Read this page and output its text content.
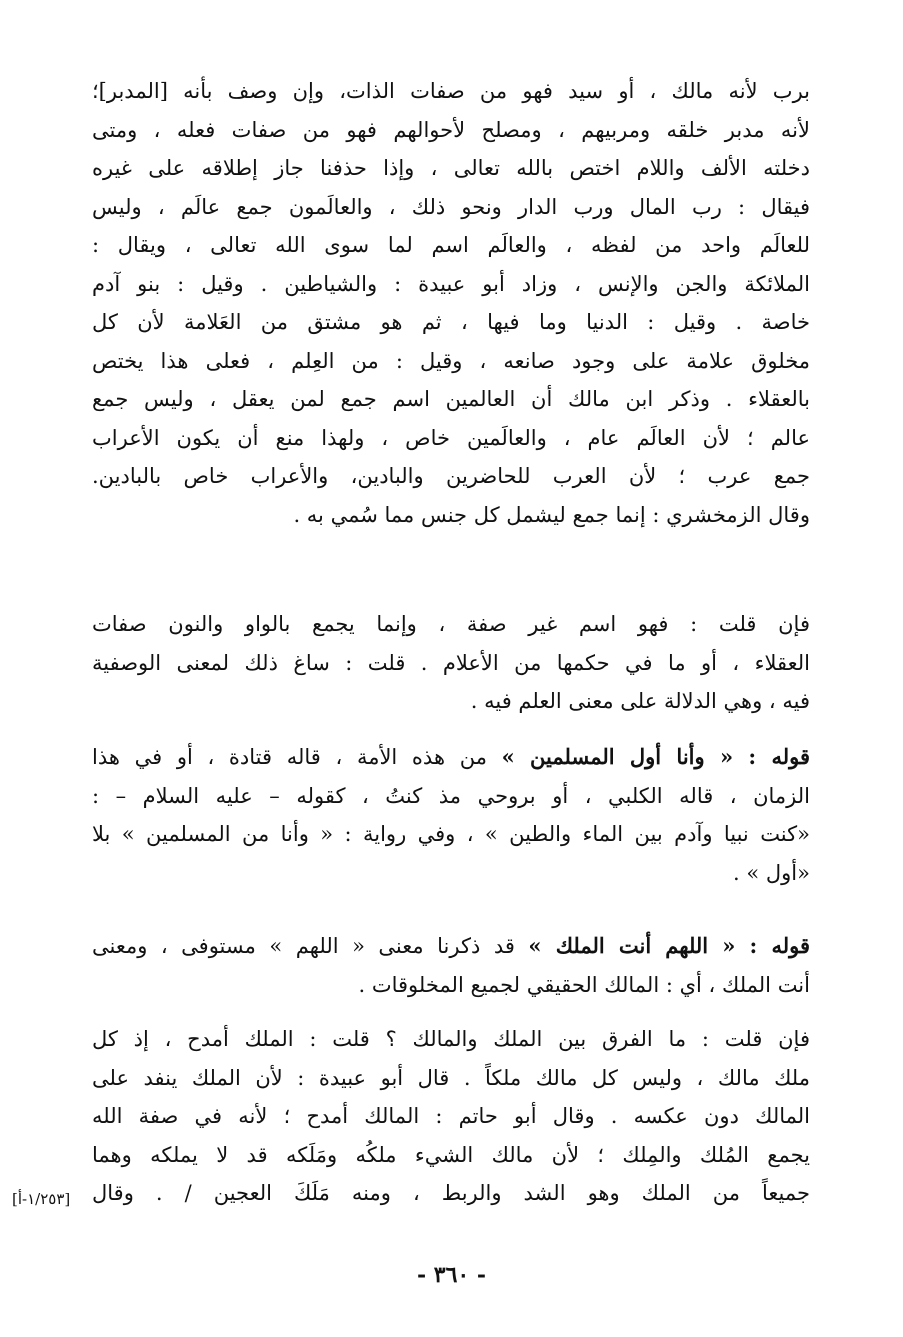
برب لأنه مالك ، أو سيد فهو من صفات الذات، وإن وصف بأنه [المدبر]؛
لأنه مدبر خلقه ومربيهم ، ومصلح لأحوالهم فهو من صفات فعله ، ومتى
دخلته الألف واللام اختص بالله تعالى ، وإذا حذفنا جاز إطلاقه على غيره
فيقال : رب المال ورب الدار ونحو ذلك ، والعالَمون جمع عالَم ، وليس
للعالَم واحد من لفظه ، والعالَم اسم لما سوى الله تعالى ، ويقال :
الملائكة والجن والإنس ، وزاد أبو عبيدة : والشياطين . وقيل : بنو آدم
خاصة . وقيل : الدنيا وما فيها ، ثم هو مشتق من العَلامة لأن كل
مخلوق علامة على وجود صانعه ، وقيل : من العِلم ، فعلى هذا يختص
بالعقلاء . وذكر ابن مالك أن العالمين اسم جمع لمن يعقل ، وليس جمع
عالم ؛ لأن العالَم عام ، والعالَمين خاص ، ولهذا منع أن يكون الأعراب
جمع عرب ؛ لأن العرب للحاضرين والبادين، والأعراب خاص بالبادين.
وقال الزمخشري : إنما جمع ليشمل كل جنس مما سُمي به .
فإن قلت : فهو اسم غير صفة ، وإنما يجمع بالواو والنون صفات
العقلاء ، أو ما في حكمها من الأعلام . قلت : ساغ ذلك لمعنى الوصفية
فيه ، وهي الدلالة على معنى العلم فيه .
قوله : « وأنا أول المسلمين » من هذه الأمة ، قاله قتادة ، أو في هذا
الزمان ، قاله الكلبي ، أو بروحي مذ كنتُ ، كقوله – عليه السلام – :
«كنت نبيا وآدم بين الماء والطين » ، وفي رواية : « وأنا من المسلمين » بلا
«أول » .
قوله : « اللهم أنت الملك » قد ذكرنا معنى « اللهم » مستوفى ، ومعنى
أنت الملك ، أي : المالك الحقيقي لجميع المخلوقات .
فإن قلت : ما الفرق بين الملك والمالك ؟ قلت : الملك أمدح ، إذ كل
ملك مالك ، وليس كل مالك ملكاً . قال أبو عبيدة : لأن الملك ينفد على
المالك دون عكسه . وقال أبو حاتم : المالك أمدح ؛ لأنه في صفة الله
يجمع المُلك والمِلك ؛ لأن مالك الشيء ملكُه ومَلَكه قد لا يملكه وهما
جميعاً من الملك وهو الشد والربط ، ومنه مَلَكَ العجين / . وقال
[١/٢٥٣-أ]
- ٣٦٠ -
